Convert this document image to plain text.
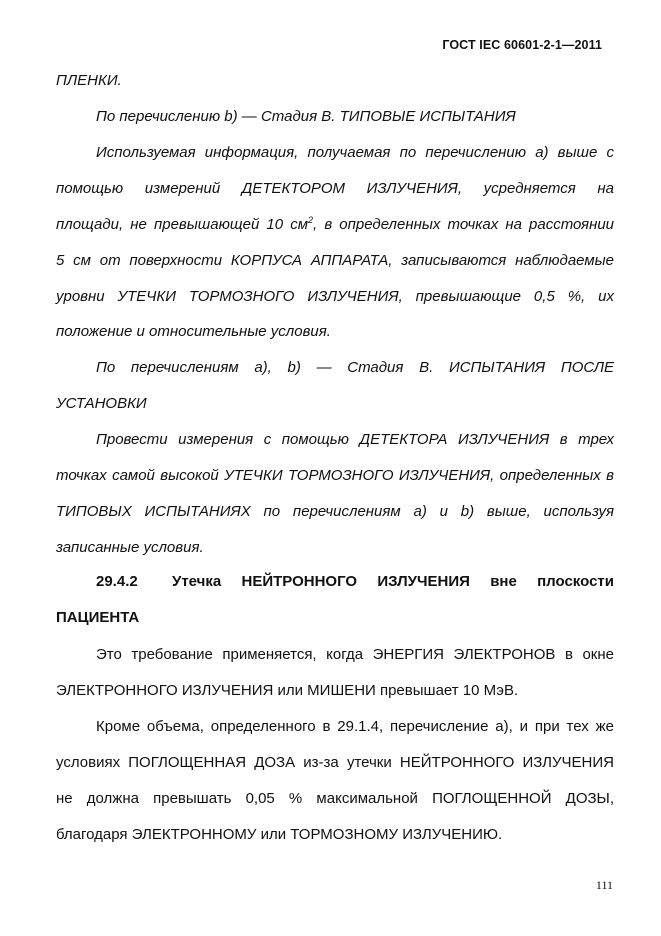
ГОСТ IEC 60601-2-1—2011
ПЛЕНКИ.
По перечислению b) — Стадия В. ТИПОВЫЕ ИСПЫТАНИЯ
Используемая информация, получаемая по перечислению а) выше с
помощью измерений ДЕТЕКТОРОМ ИЗЛУЧЕНИЯ, усредняется на
площади, не превышающей 10 $см^2$, в определенных точках на расстоянии
5 см от поверхности КОРПУСА АППАРАТА, записываются наблюдаемые
уровни УТЕЧКИ ТОРМОЗНОГО ИЗЛУЧЕНИЯ, превышающие 0,5 %, их
положение и относительные условия.
По перечислениям а), b) — Стадия В. ИСПЫТАНИЯ ПОСЛЕ
УСТАНОВКИ
Провести измерения с помощью ДЕТЕКТОРА ИЗЛУЧЕНИЯ в трех
точках самой высокой УТЕЧКИ ТОРМОЗНОГО ИЗЛУЧЕНИЯ, определенных в
ТИПОВЫХ ИСПЫТАНИЯХ по перечислениям а) и b) выше, используя
записанные условия.
29.4.2 Утечка НЕЙТРОННОГО ИЗЛУЧЕНИЯ вне плоскости
ПАЦИЕНТА
Это требование применяется, когда ЭНЕРГИЯ ЭЛЕКТРОНОВ в окне
ЭЛЕКТРОННОГО ИЗЛУЧЕНИЯ или МИШЕНИ превышает 10 МэВ.
Кроме объема, определенного в 29.1.4, перечисление а), и при тех же
условиях ПОГЛОЩЕННАЯ ДОЗА из-за утечки НЕЙТРОННОГО ИЗЛУЧЕНИЯ
не должна превышать 0,05 % максимальной ПОГЛОЩЕННОЙ ДОЗЫ,
благодаря ЭЛЕКТРОННОМУ или ТОРМОЗНОМУ ИЗЛУЧЕНИЮ.
111
